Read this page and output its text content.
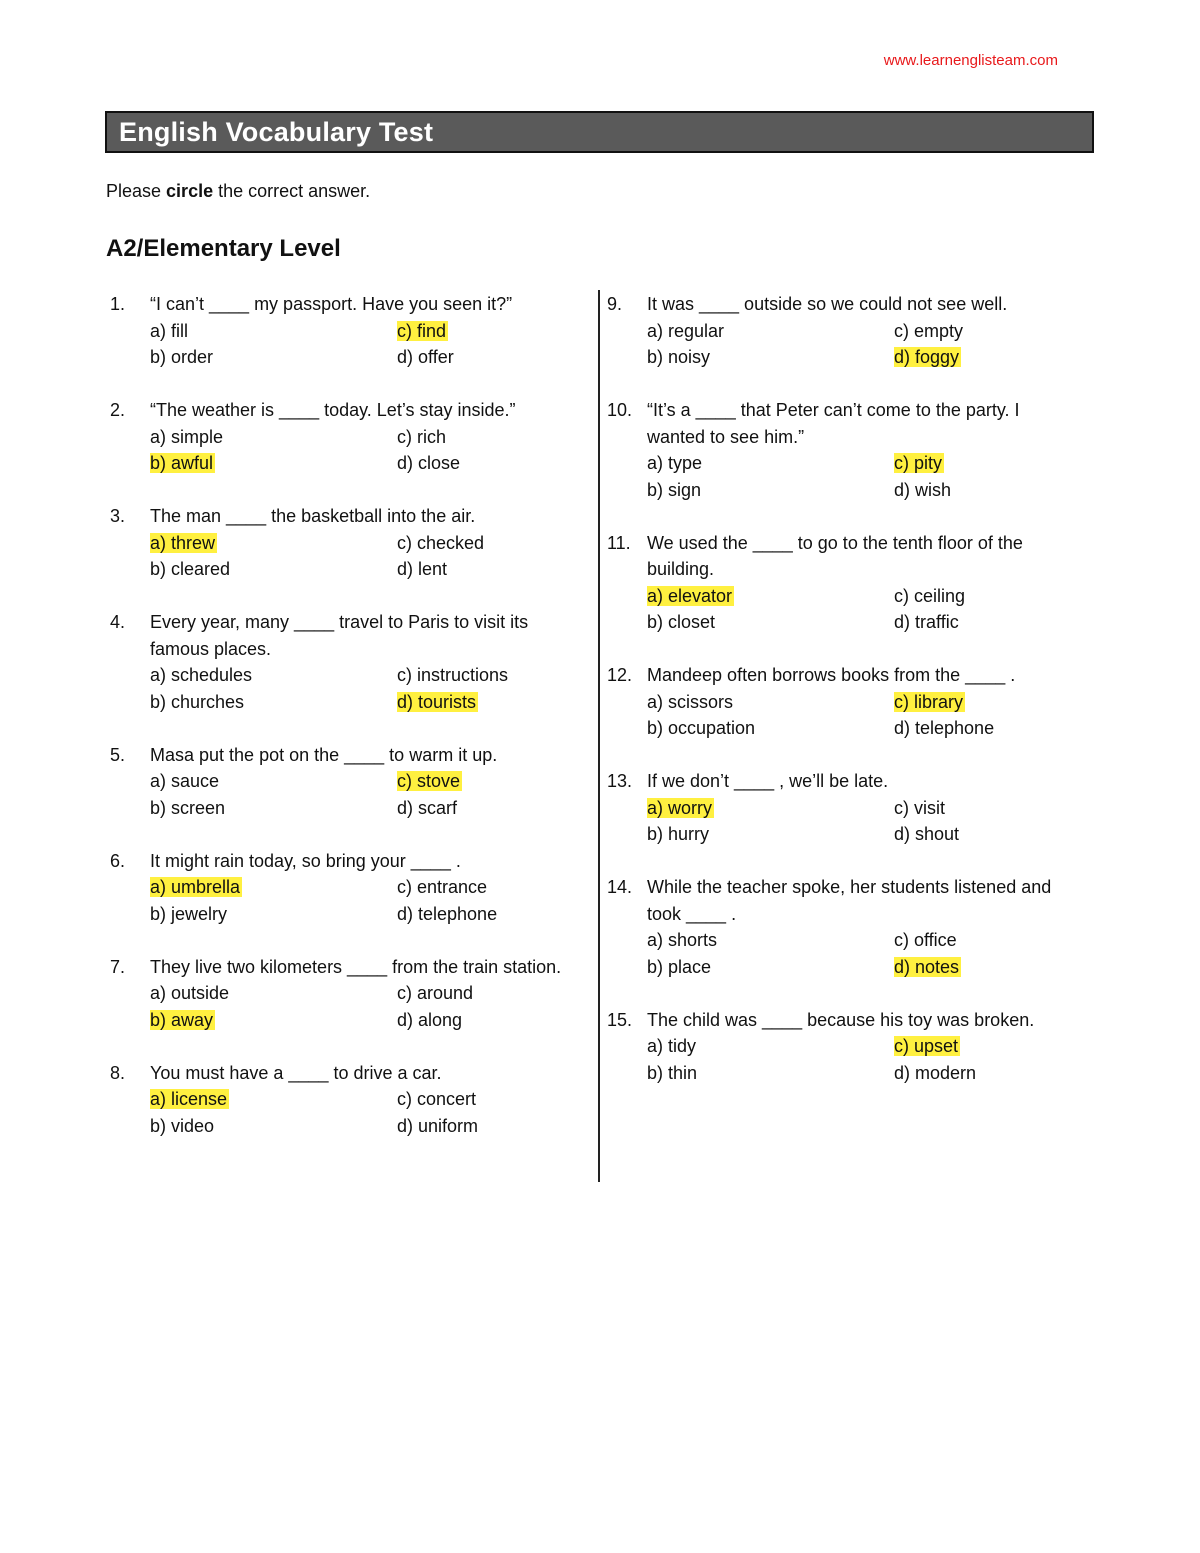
www.learnenglisteam.com
English Vocabulary Test
Please circle the correct answer.
A2/Elementary Level
1.	“I can’t ____ my passport. Have you seen it?”
a) fill	c) find
b) order	d) offer
2.	“The weather is ____ today. Let’s stay inside.”
a) simple	c) rich
b) awful	d) close
3.	The man ____ the basketball into the air.
a) threw	c) checked
b) cleared	d) lent
4.	Every year, many ____ travel to Paris to visit its famous places.
a) schedules	c) instructions
b) churches	d) tourists
5.	Masa put the pot on the ____ to warm it up.
a) sauce	c) stove
b) screen	d) scarf
6.	It might rain today, so bring your ____ .
a) umbrella	c) entrance
b) jewelry	d) telephone
7.	They live two kilometers ____ from the train station.
a) outside	c) around
b) away	d) along
8.	You must have a ____ to drive a car.
a) license	c) concert
b) video	d) uniform
9.	It was ____ outside so we could not see well.
a) regular	c) empty
b) noisy	d) foggy
10. “It’s a ____ that Peter can’t come to the party. I wanted to see him.”
a) type	c) pity
b) sign	d) wish
11. We used the ____ to go to the tenth floor of the building.
a) elevator	c) ceiling
b) closet	d) traffic
12. Mandeep often borrows books from the ____ .
a) scissors	c) library
b) occupation	d) telephone
13. If we don’t ____ , we’ll be late.
a) worry	c) visit
b) hurry	d) shout
14. While the teacher spoke, her students listened and took ____ .
a) shorts	c) office
b) place	d) notes
15. The child was ____ because his toy was broken.
a) tidy	c) upset
b) thin	d) modern
